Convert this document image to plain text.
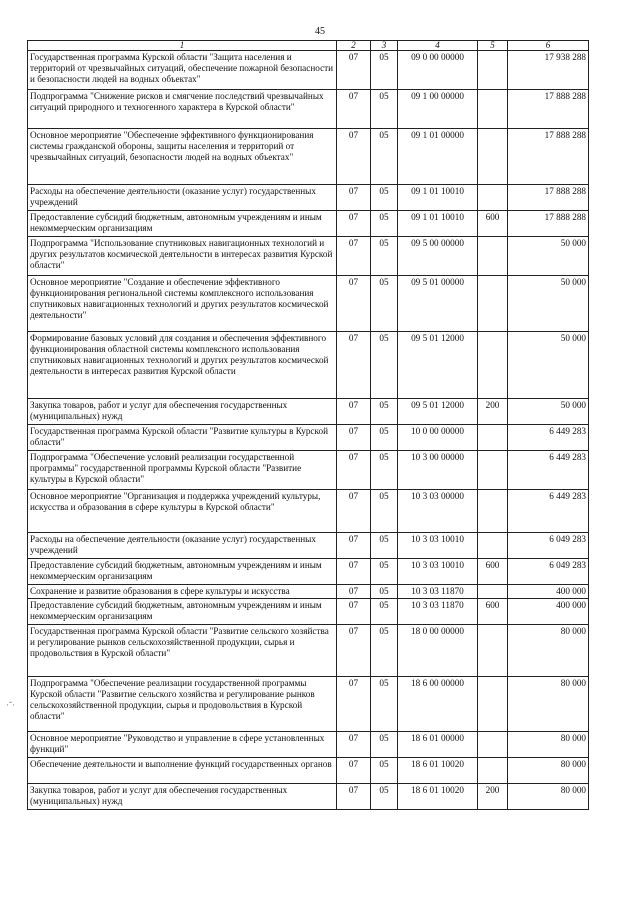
45
1	2	3	4	5	6
Государственная программа Курской области "Защита населения и территорий от чрезвычайных ситуаций, обеспечение пожарной безопасности и безопасности людей на водных объектах"	07	05	09 0 00 00000		17 938 288
Подпрограмма "Снижение рисков и смягчение последствий чрезвычайных ситуаций природного и техногенного характера в Курской области"	07	05	09 1 00 00000		17 888 288
Основное мероприятие "Обеспечение эффективного функционирования системы гражданской обороны, защиты населения и территорий от чрезвычайных ситуаций, безопасности людей на водных объектах"	07	05	09 1 01 00000		17 888 288
Расходы на обеспечение деятельности (оказание услуг) государственных учреждений	07	05	09 1 01 10010		17 888 288
Предоставление субсидий бюджетным, автономным учреждениям и иным некоммерческим организациям	07	05	09 1 01 10010	600	17 888 288
Подпрограмма "Использование спутниковых навигационных технологий и других результатов космической деятельности в интересах развития Курской области"	07	05	09 5 00 00000		50 000
Основное мероприятие "Создание и обеспечение эффективного функционирования региональной системы комплексного использования спутниковых навигационных технологий и других результатов космической деятельности"	07	05	09 5 01 00000		50 000
Формирование базовых условий для создания и обеспечения эффективного функционирования областной системы комплексного использования спутниковых навигационных технологий и других результатов космической деятельности в интересах развития Курской области	07	05	09 5 01 12000		50 000
Закупка товаров, работ и услуг для обеспечения государственных (муниципальных) нужд	07	05	09 5 01 12000	200	50 000
Государственная программа Курской области "Развитие культуры в Курской области"	07	05	10 0 00 00000		6 449 283
Подпрограмма "Обеспечение условий реализации государственной программы" государственной программы Курской области "Развитие культуры в Курской области"	07	05	10 3 00 00000		6 449 283
Основное мероприятие "Организация и поддержка учреждений культуры, искусства и образования в сфере культуры в Курской области"	07	05	10 3 03 00000		6 449 283
Расходы на обеспечение деятельности (оказание услуг) государственных учреждений	07	05	10 3 03 10010		6 049 283
Предоставление субсидий бюджетным, автономным учреждениям и иным некоммерческим организациям	07	05	10 3 03 10010	600	6 049 283
Сохранение и развитие образования в сфере культуры и искусства	07	05	10 3 03 11870		400 000
Предоставление субсидий бюджетным, автономным учреждениям и иным некоммерческим организациям	07	05	10 3 03 11870	600	400 000
Государственная программа Курской области "Развитие сельского хозяйства и регулирование рынков сельскохозяйственной продукции, сырья и продовольствия в Курской области"	07	05	18 0 00 00000		80 000
Подпрограмма "Обеспечение реализации государственной программы Курской области "Развитие сельского хозяйства и регулирование рынков сельскохозяйственной продукции, сырья и продовольствия в Курской области"	07	05	18 6 00 00000		80 000
Основное мероприятие "Руководство и управление в сфере установленных функций"	07	05	18 6 01 00000		80 000
Обеспечение деятельности и выполнение функций государственных органов	07	05	18 6 01 10020		80 000
Закупка товаров, работ и услуг для обеспечения государственных (муниципальных) нужд	07	05	18 6 01 10020	200	80 000
·ˇ·
